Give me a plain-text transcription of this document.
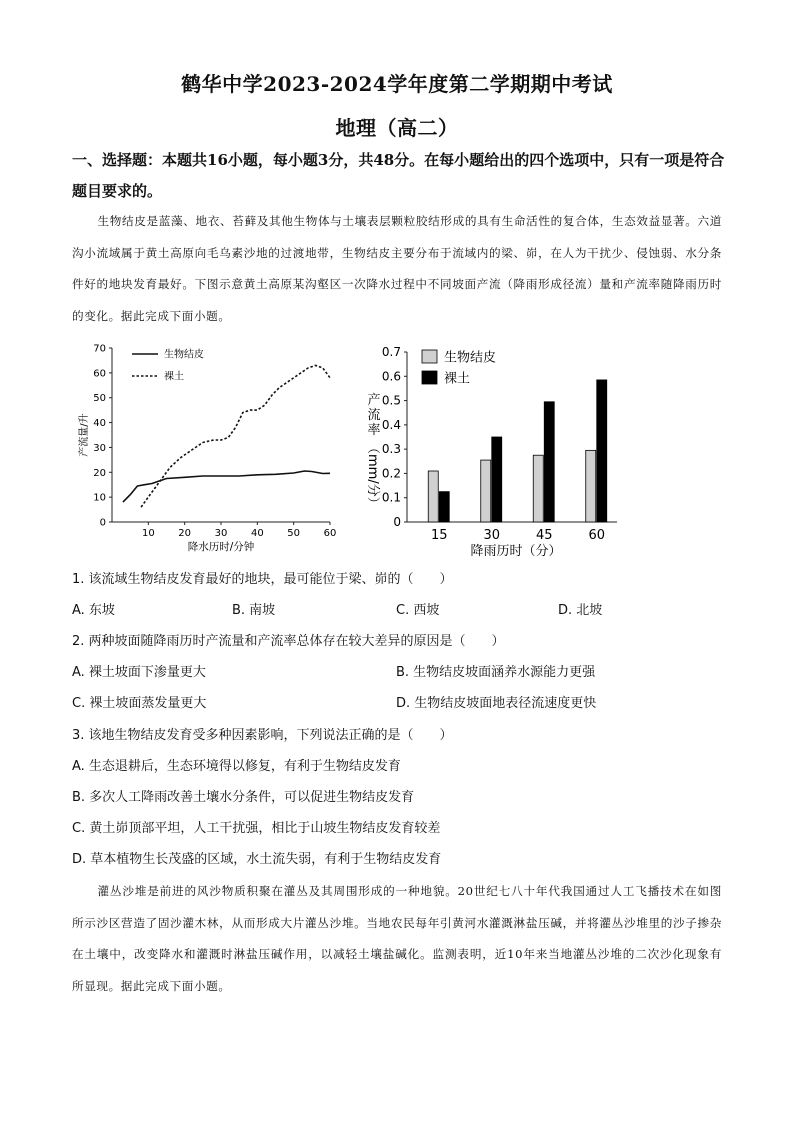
鹤华中学2023-2024学年度第二学期期中考试
地理（高二）
一、选择题：本题共16小题，每小题3分，共48分。在每小题给出的四个选项中，只有一项是符合题目要求的。
生物结皮是蓝藻、地衣、苔藓及其他生物体与土壤表层颗粒胶结形成的具有生命活性的复合体，生态效益显著。六道沟小流域属于黄土高原向毛乌素沙地的过渡地带，生物结皮主要分布于流域内的梁、峁，在人为干扰少、侵蚀弱、水分条件好的地块发育最好。下图示意黄土高原某沟壑区一次降水过程中不同坡面产流（降雨形成径流）量和产流率随降雨历时的变化。据此完成下面小题。
0
10
20
30
40
50
60
70
10 20 30 40 50 60
生物结皮
裸土
产流量/升
降水历时/分钟
0
0.1
0.2
0.3
0.4
0.5
0.6
0.7
15	30	45	60
生物结皮
裸土
产流率
（mm/分）
降雨历时（分）
1. 该流域生物结皮发育最好的地块，最可能位于梁、峁的（　　）
A. 东坡	B. 南坡	C. 西坡	D. 北坡
2. 两种坡面随降雨历时产流量和产流率总体存在较大差异的原因是（　　）
A. 裸土坡面下渗量更大	B. 生物结皮坡面涵养水源能力更强
C. 裸土坡面蒸发量更大	D. 生物结皮坡面地表径流速度更快
3. 该地生物结皮发育受多种因素影响，下列说法正确的是（　　）
A. 生态退耕后，生态环境得以修复，有利于生物结皮发育
B. 多次人工降雨改善土壤水分条件，可以促进生物结皮发育
C. 黄土峁顶部平坦，人工干扰强，相比于山坡生物结皮发育较差
D. 草本植物生长茂盛的区域，水土流失弱，有利于生物结皮发育
灌丛沙堆是前进的风沙物质积聚在灌丛及其周围形成的一种地貌。20世纪七八十年代我国通过人工飞播技术在如图所示沙区营造了固沙灌木林，从而形成大片灌丛沙堆。当地农民每年引黄河水灌溉淋盐压碱，并将灌丛沙堆里的沙子掺杂在土壤中，改变降水和灌溉时淋盐压碱作用，以减轻土壤盐碱化。监测表明，近10年来当地灌丛沙堆的二次沙化现象有所显现。据此完成下面小题。
